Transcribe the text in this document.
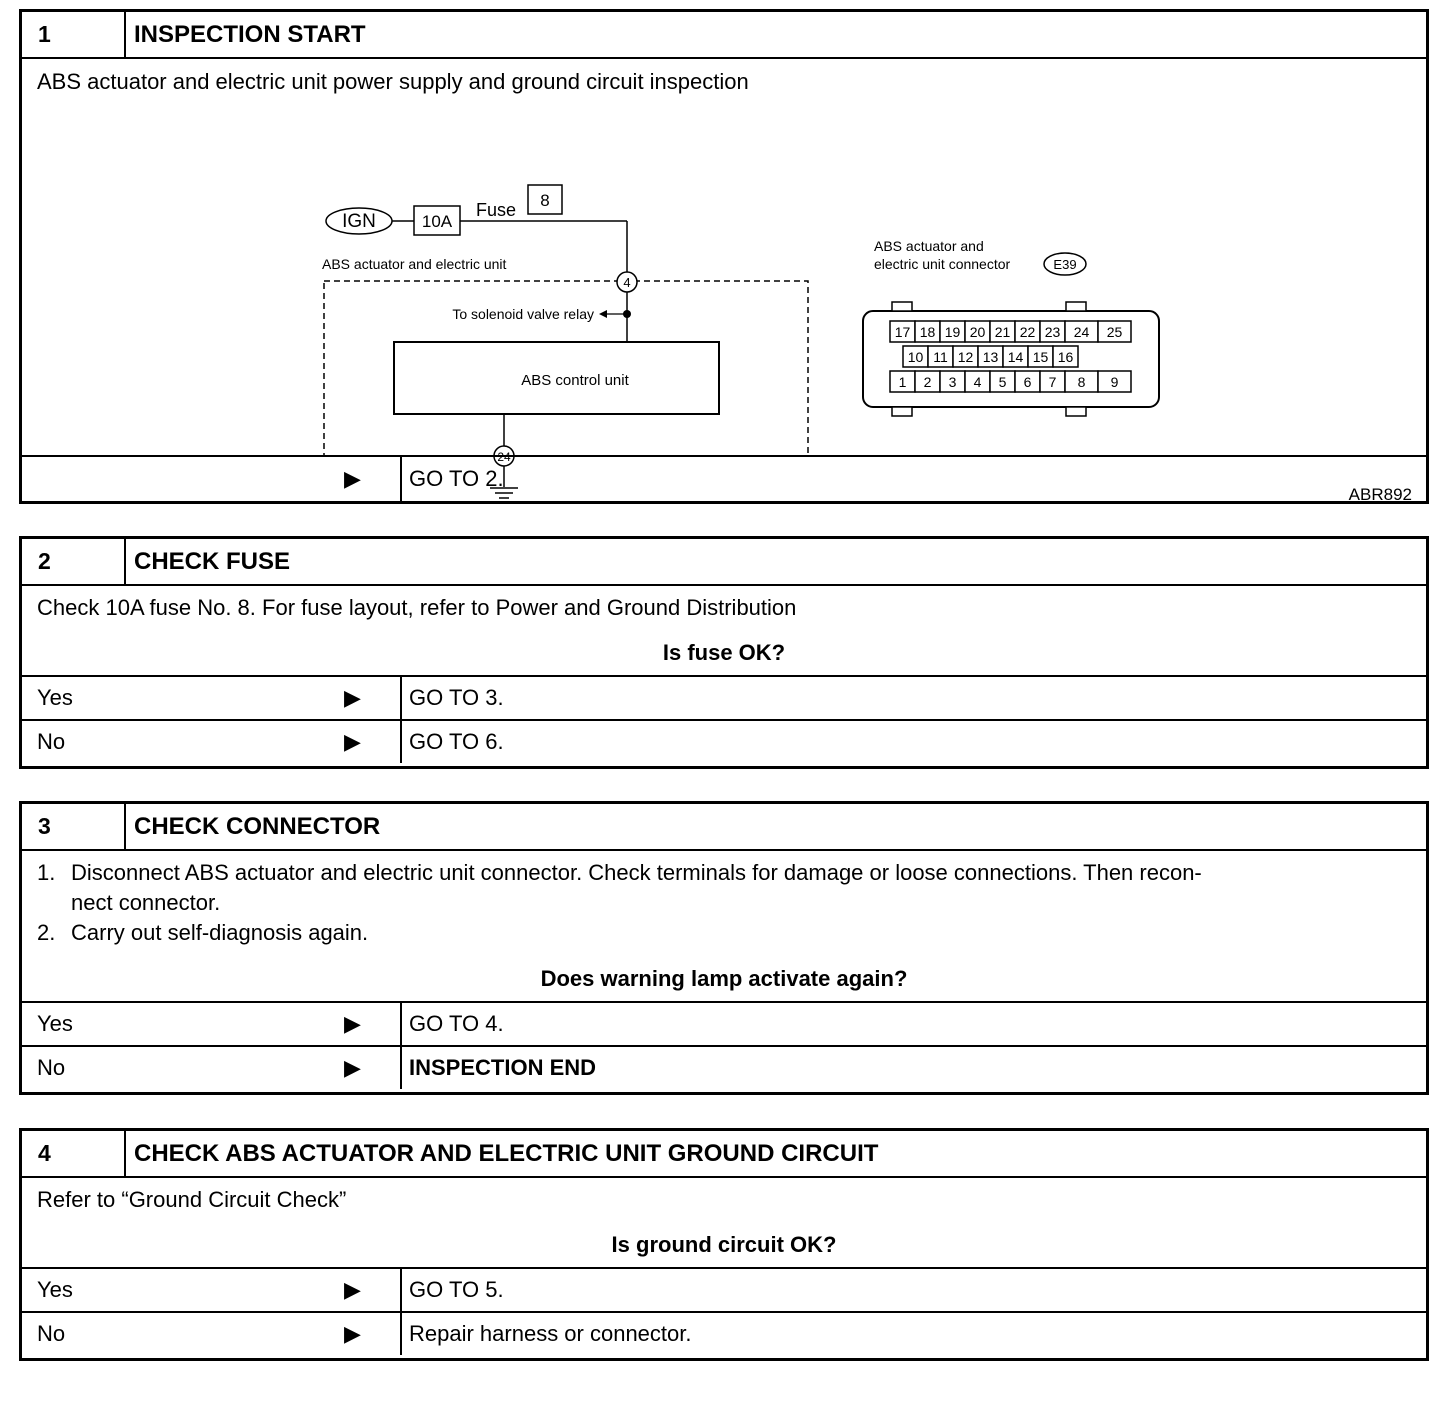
1	INSPECTION START
ABS actuator and electric unit power supply and ground circuit inspection
IGN	10A
Fuse 8
ABS actuator and electric unit
4
To solenoid valve relay
ABS control unit
24
ABS actuator and
electric unit connector	E39
17 18 19 20 21 22 23 24 25
10 11 12 13 14 15 16
1 2 3 4 5 6 7 8 9
ABR892
▶	GO TO 2.
2	CHECK FUSE
Check 10A fuse No. 8. For fuse layout, refer to Power and Ground Distribution
Is fuse OK?
Yes	▶	GO TO 3.
No	▶	GO TO 6.
3	CHECK CONNECTOR
1. Disconnect ABS actuator and electric unit connector. Check terminals for damage or loose connections. Then recon-
nect connector.
2. Carry out self-diagnosis again.
Does warning lamp activate again?
Yes	▶	GO TO 4.
No	▶	INSPECTION END
4	CHECK ABS ACTUATOR AND ELECTRIC UNIT GROUND CIRCUIT
Refer to “Ground Circuit Check”
Is ground circuit OK?
Yes	▶	GO TO 5.
No	▶	Repair harness or connector.
